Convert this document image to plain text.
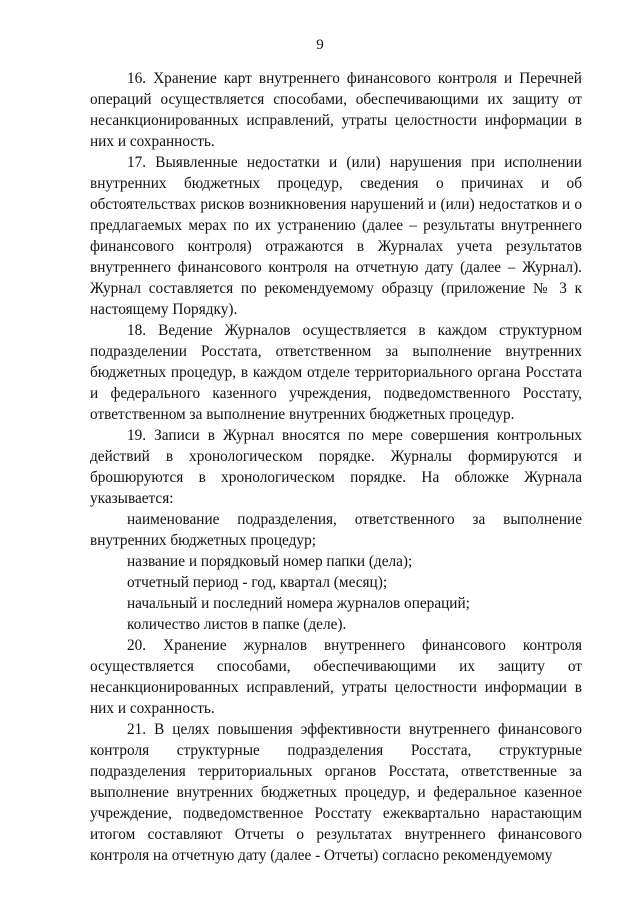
9

16. Хранение карт внутреннего финансового контроля и Перечней операций осуществляется способами, обеспечивающими их защиту от несанкционированных исправлений, утраты целостности информации в них и сохранность.

17. Выявленные недостатки и (или) нарушения при исполнении внутренних бюджетных процедур, сведения о причинах и об обстоятельствах рисков возникновения нарушений и (или) недостатков и о предлагаемых мерах по их устранению (далее – результаты внутреннего финансового контроля) отражаются в Журналах учета результатов внутреннего финансового контроля на отчетную дату (далее – Журнал). Журнал составляется по рекомендуемому образцу (приложение № 3 к настоящему Порядку).

18. Ведение Журналов осуществляется в каждом структурном подразделении Росстата, ответственном за выполнение внутренних бюджетных процедур, в каждом отделе территориального органа Росстата и федерального казенного учреждения, подведомственного Росстату, ответственном за выполнение внутренних бюджетных процедур.

19. Записи в Журнал вносятся по мере совершения контрольных действий в хронологическом порядке. Журналы формируются и брошюруются в хронологическом порядке. На обложке Журнала указывается:

наименование подразделения, ответственного за выполнение внутренних бюджетных процедур;

название и порядковый номер папки (дела);

отчетный период - год, квартал (месяц);

начальный и последний номера журналов операций;

количество листов в папке (деле).

20. Хранение журналов внутреннего финансового контроля осуществляется способами, обеспечивающими их защиту от несанкционированных исправлений, утраты целостности информации в них и сохранность.

21. В целях повышения эффективности внутреннего финансового контроля структурные подразделения Росстата, структурные подразделения территориальных органов Росстата, ответственные за выполнение внутренних бюджетных процедур, и федеральное казенное учреждение, подведомственное Росстату ежеквартально нарастающим итогом составляют Отчеты о результатах внутреннего финансового контроля на отчетную дату (далее - Отчеты) согласно рекомендуемому
